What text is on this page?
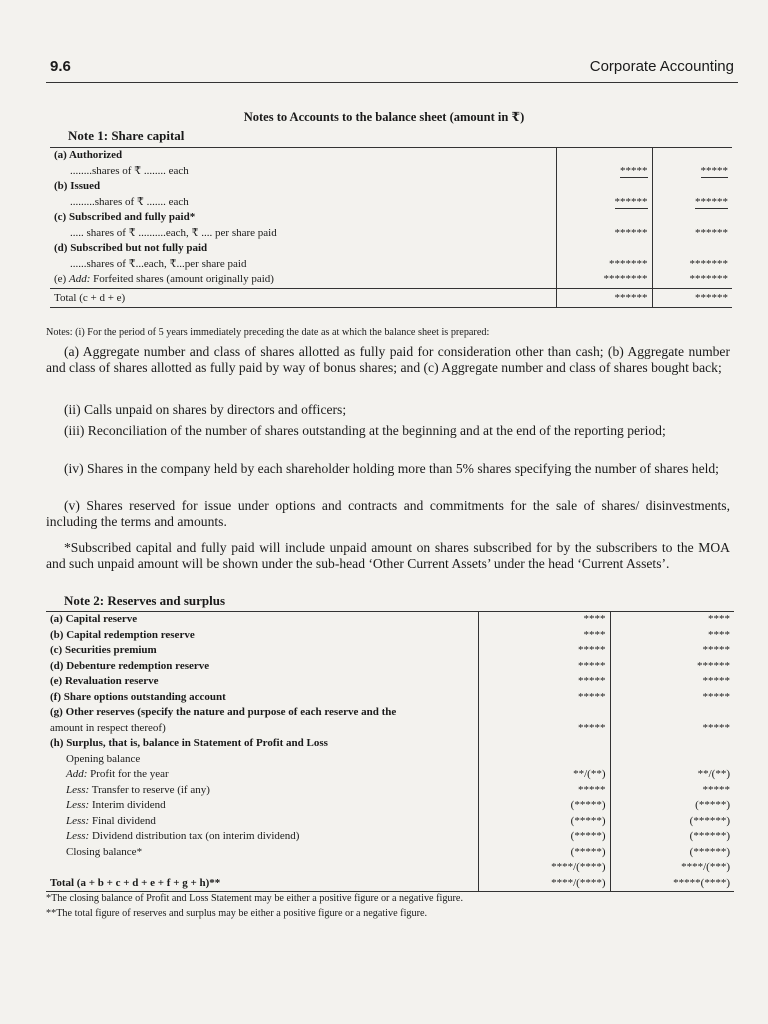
9.6	Corporate Accounting
Notes to Accounts to the balance sheet (amount in ₹)
Note 1: Share capital
(a) Authorized		
........shares of ₹ ........ each	*****	*****
(b) Issued		
.........shares of ₹ ....... each	******	******
(c) Subscribed and fully paid*		
..... shares of ₹ ..........each, ₹ .... per share paid	******	******
(d) Subscribed but not fully paid		
......shares of ₹...each, ₹...per share paid	*******	*******
(e) Add: Forfeited shares (amount originally paid)	********	*******
Total (c + d + e)	******	******
Notes: (i) For the period of 5 years immediately preceding the date as at which the balance sheet is prepared:
(a) Aggregate number and class of shares allotted as fully paid for consideration other than cash; (b) Aggregate number and class of shares allotted as fully paid by way of bonus shares; and (c) Aggregate number and class of shares bought back;
(ii) Calls unpaid on shares by directors and officers;
(iii) Reconciliation of the number of shares outstanding at the beginning and at the end of the reporting period;
(iv) Shares in the company held by each shareholder holding more than 5% shares specifying the number of shares held;
(v) Shares reserved for issue under options and contracts and commitments for the sale of shares/ disinvestments, including the terms and amounts.
*Subscribed capital and fully paid will include unpaid amount on shares subscribed for by the subscribers to the MOA and such unpaid amount will be shown under the sub-head ‘Other Current Assets’ under the head ‘Current Assets’.
Note 2: Reserves and surplus
(a) Capital reserve	****	****
(b) Capital redemption reserve	****	****
(c) Securities premium	*****	*****
(d) Debenture redemption reserve	*****	******
(e) Revaluation reserve	*****	*****
(f) Share options outstanding account	*****	*****
(g) Other reserves (specify the nature and purpose of each reserve and the		
amount in respect thereof)	*****	*****
(h) Surplus, that is, balance in Statement of Profit and Loss		
Opening balance		
Add: Profit for the year	**/(**)	**/(**)
Less: Transfer to reserve (if any)	*****	*****
Less: Interim dividend	(*****)	(*****)
Less: Final dividend	(*****)	(******)
Less: Dividend distribution tax (on interim dividend)	(*****)	(******)
Closing balance*	(*****)	(******)
	****/(****)	****/(***)
Total (a + b + c + d + e + f + g + h)**	****/(****)	*****(****)
*The closing balance of Profit and Loss Statement may be either a positive figure or a negative figure.
**The total figure of reserves and surplus may be either a positive figure or a negative figure.
